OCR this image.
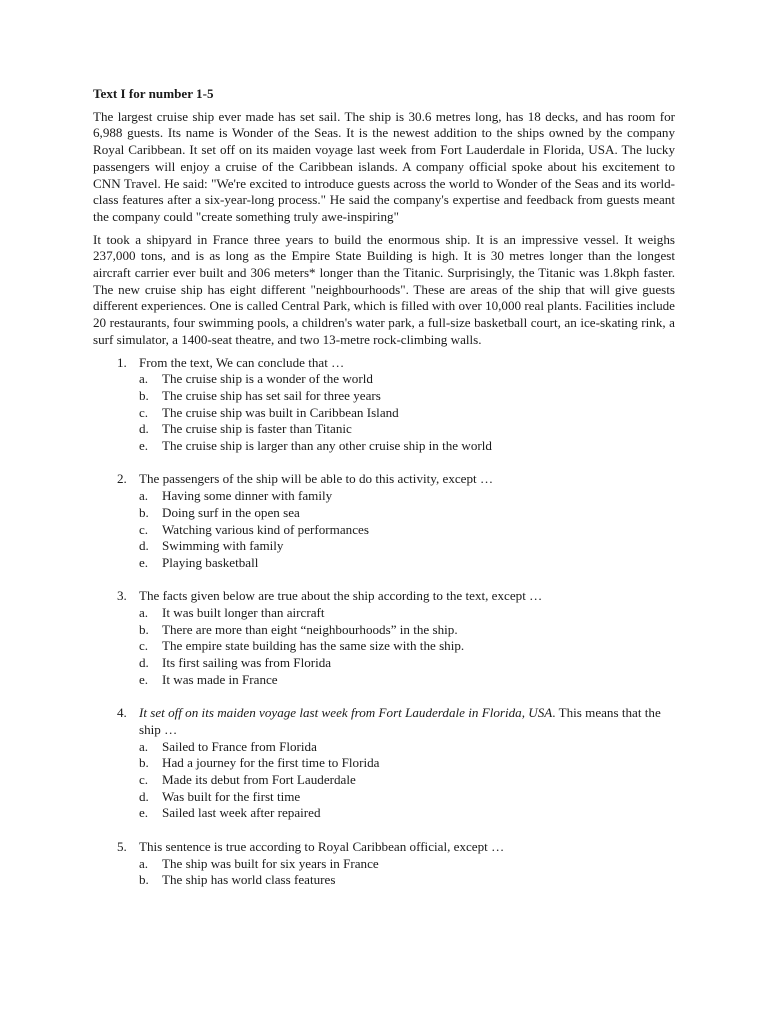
Text I for number 1-5

The largest cruise ship ever made has set sail. The ship is 30.6 metres long, has 18 decks, and has room for 6,988 guests. Its name is Wonder of the Seas. It is the newest addition to the ships owned by the company Royal Caribbean. It set off on its maiden voyage last week from Fort Lauderdale in Florida, USA. The lucky passengers will enjoy a cruise of the Caribbean islands. A company official spoke about his excitement to CNN Travel. He said: "We're excited to introduce guests across the world to Wonder of the Seas and its world-class features after a six-year-long process." He said the company's expertise and feedback from guests meant the company could "create something truly awe-inspiring"

It took a shipyard in France three years to build the enormous ship. It is an impressive vessel. It weighs 237,000 tons, and is as long as the Empire State Building is high. It is 30 metres longer than the longest aircraft carrier ever built and 306 meters* longer than the Titanic. Surprisingly, the Titanic was 1.8kph faster. The new cruise ship has eight different "neighbourhoods". These are areas of the ship that will give guests different experiences. One is called Central Park, which is filled with over 10,000 real plants. Facilities include 20 restaurants, four swimming pools, a children's water park, a full-size basketball court, an ice-skating rink, a surf simulator, a 1400-seat theatre, and two 13-metre rock-climbing walls.

1. From the text, We can conclude that …

a. The cruise ship is a wonder of the world
b. The cruise ship has set sail for three years
c. The cruise ship was built in Caribbean Island
d. The cruise ship is faster than Titanic
e. The cruise ship is larger than any other cruise ship in the world
2. The passengers of the ship will be able to do this activity, except …

a. Having some dinner with family
b. Doing surf in the open sea
c. Watching various kind of performances
d. Swimming with family
e. Playing basketball
3. The facts given below are true about the ship according to the text, except …

a. It was built longer than aircraft
b. There are more than eight “neighbourhoods” in the ship.
c. The empire state building has the same size with the ship.
d. Its first sailing was from Florida
e. It was made in France
4. It set off on its maiden voyage last week from Fort Lauderdale in Florida, USA. This means that the ship …

a. Sailed to France from Florida
b. Had a journey for the first time to Florida
c. Made its debut from Fort Lauderdale
d. Was built for the first time
e. Sailed last week after repaired
5. This sentence is true according to Royal Caribbean official, except …

a. The ship was built for six years in France
b. The ship has world class features
